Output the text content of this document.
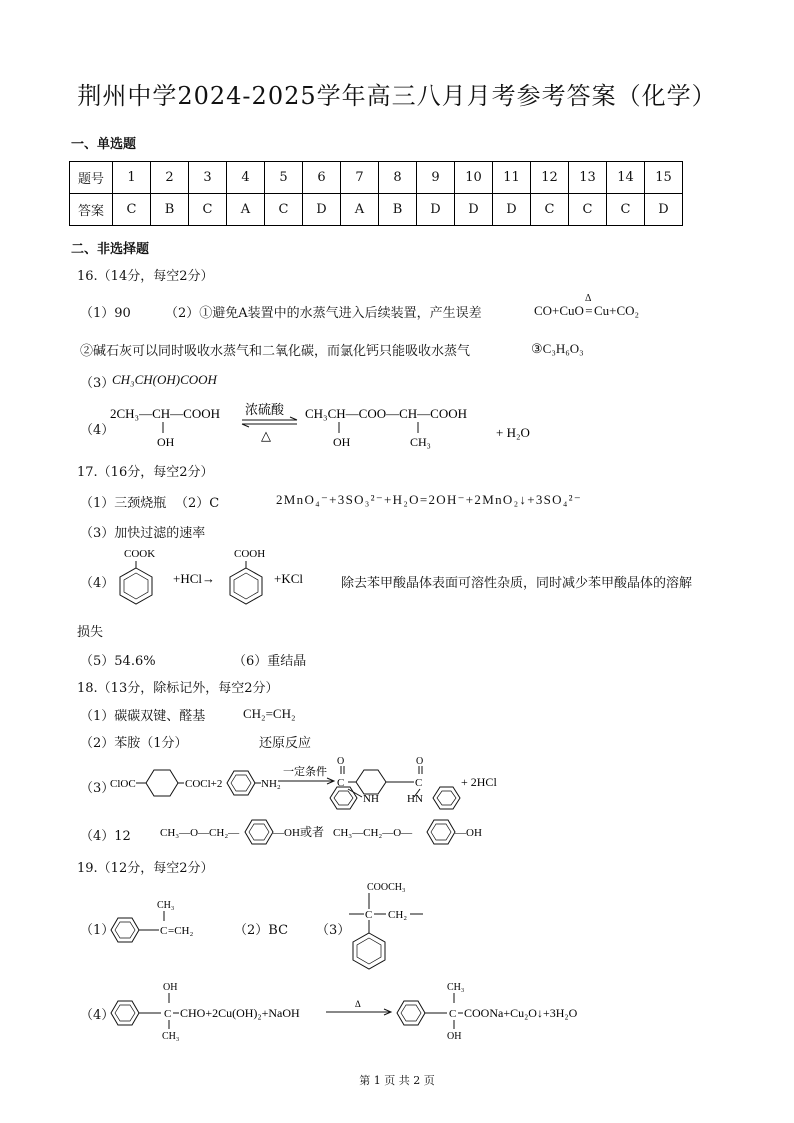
荆州中学2024-2025学年高三八月月考参考答案（化学）
一、单选题
题号	1	2	3	4	5	6	7	8	9	10	11	12	13	14	15
答案	C	B	C	A	C	D	A	B	D	D	D	C	C	C	D
二、非选择题
16.（14分，每空2分）
（1）90	（2）①避免A装置中的水蒸气进入后续装置，产生误差	CO+CuO
Δ
=Cu+CO₂
②碱石灰可以同时吸收水蒸气和二氧化碳，而氯化钙只能吸收水蒸气	③C₃H₆O₃
（3）
CH₃CH(OH)COOH
（4）
2CH₃—CH—COOH
OH
浓硫酸
△
CH₃CH—COO—CH—COOH
OH	CH₃
+ H₂O
17.（16分，每空2分）
（1）三颈烧瓶 （2）C	2MnO₄⁻+3SO₃²⁻+H₂O=2OH⁻+2MnO₂↓+3SO₄²⁻
（3）加快过滤的速率
（4）
COOK
+HCl→
COOH
+KCl	除去苯甲酸晶体表面可溶性杂质，同时减少苯甲酸晶体的溶解
损失
（5）54.6%	（6）重结晶
18.（13分，除标记外，每空2分）
（1）碳碳双键、醛基	CH₂=CH₂
（2）苯胺（1分）	还原反应
（3）
ClOC	COCl+2	NH₂
一定条件
O
C
O
C
NH	HN
+ 2HCl
（4）12	CH₃—O—CH₂—	—OH 或者 CH₃—CH₂—O—	—OH
19.（12分，每空2分）
（1）
CH₃
C =CH₂
COOCH₃
C CH₂
（2）BC （3）
（4）
OH
C CHO+2Cu(OH)₂+NaOH
CH₃
Δ
CH₃
C COONa+Cu₂O↓+3H₂O
OH
第 1 页 共 2 页
